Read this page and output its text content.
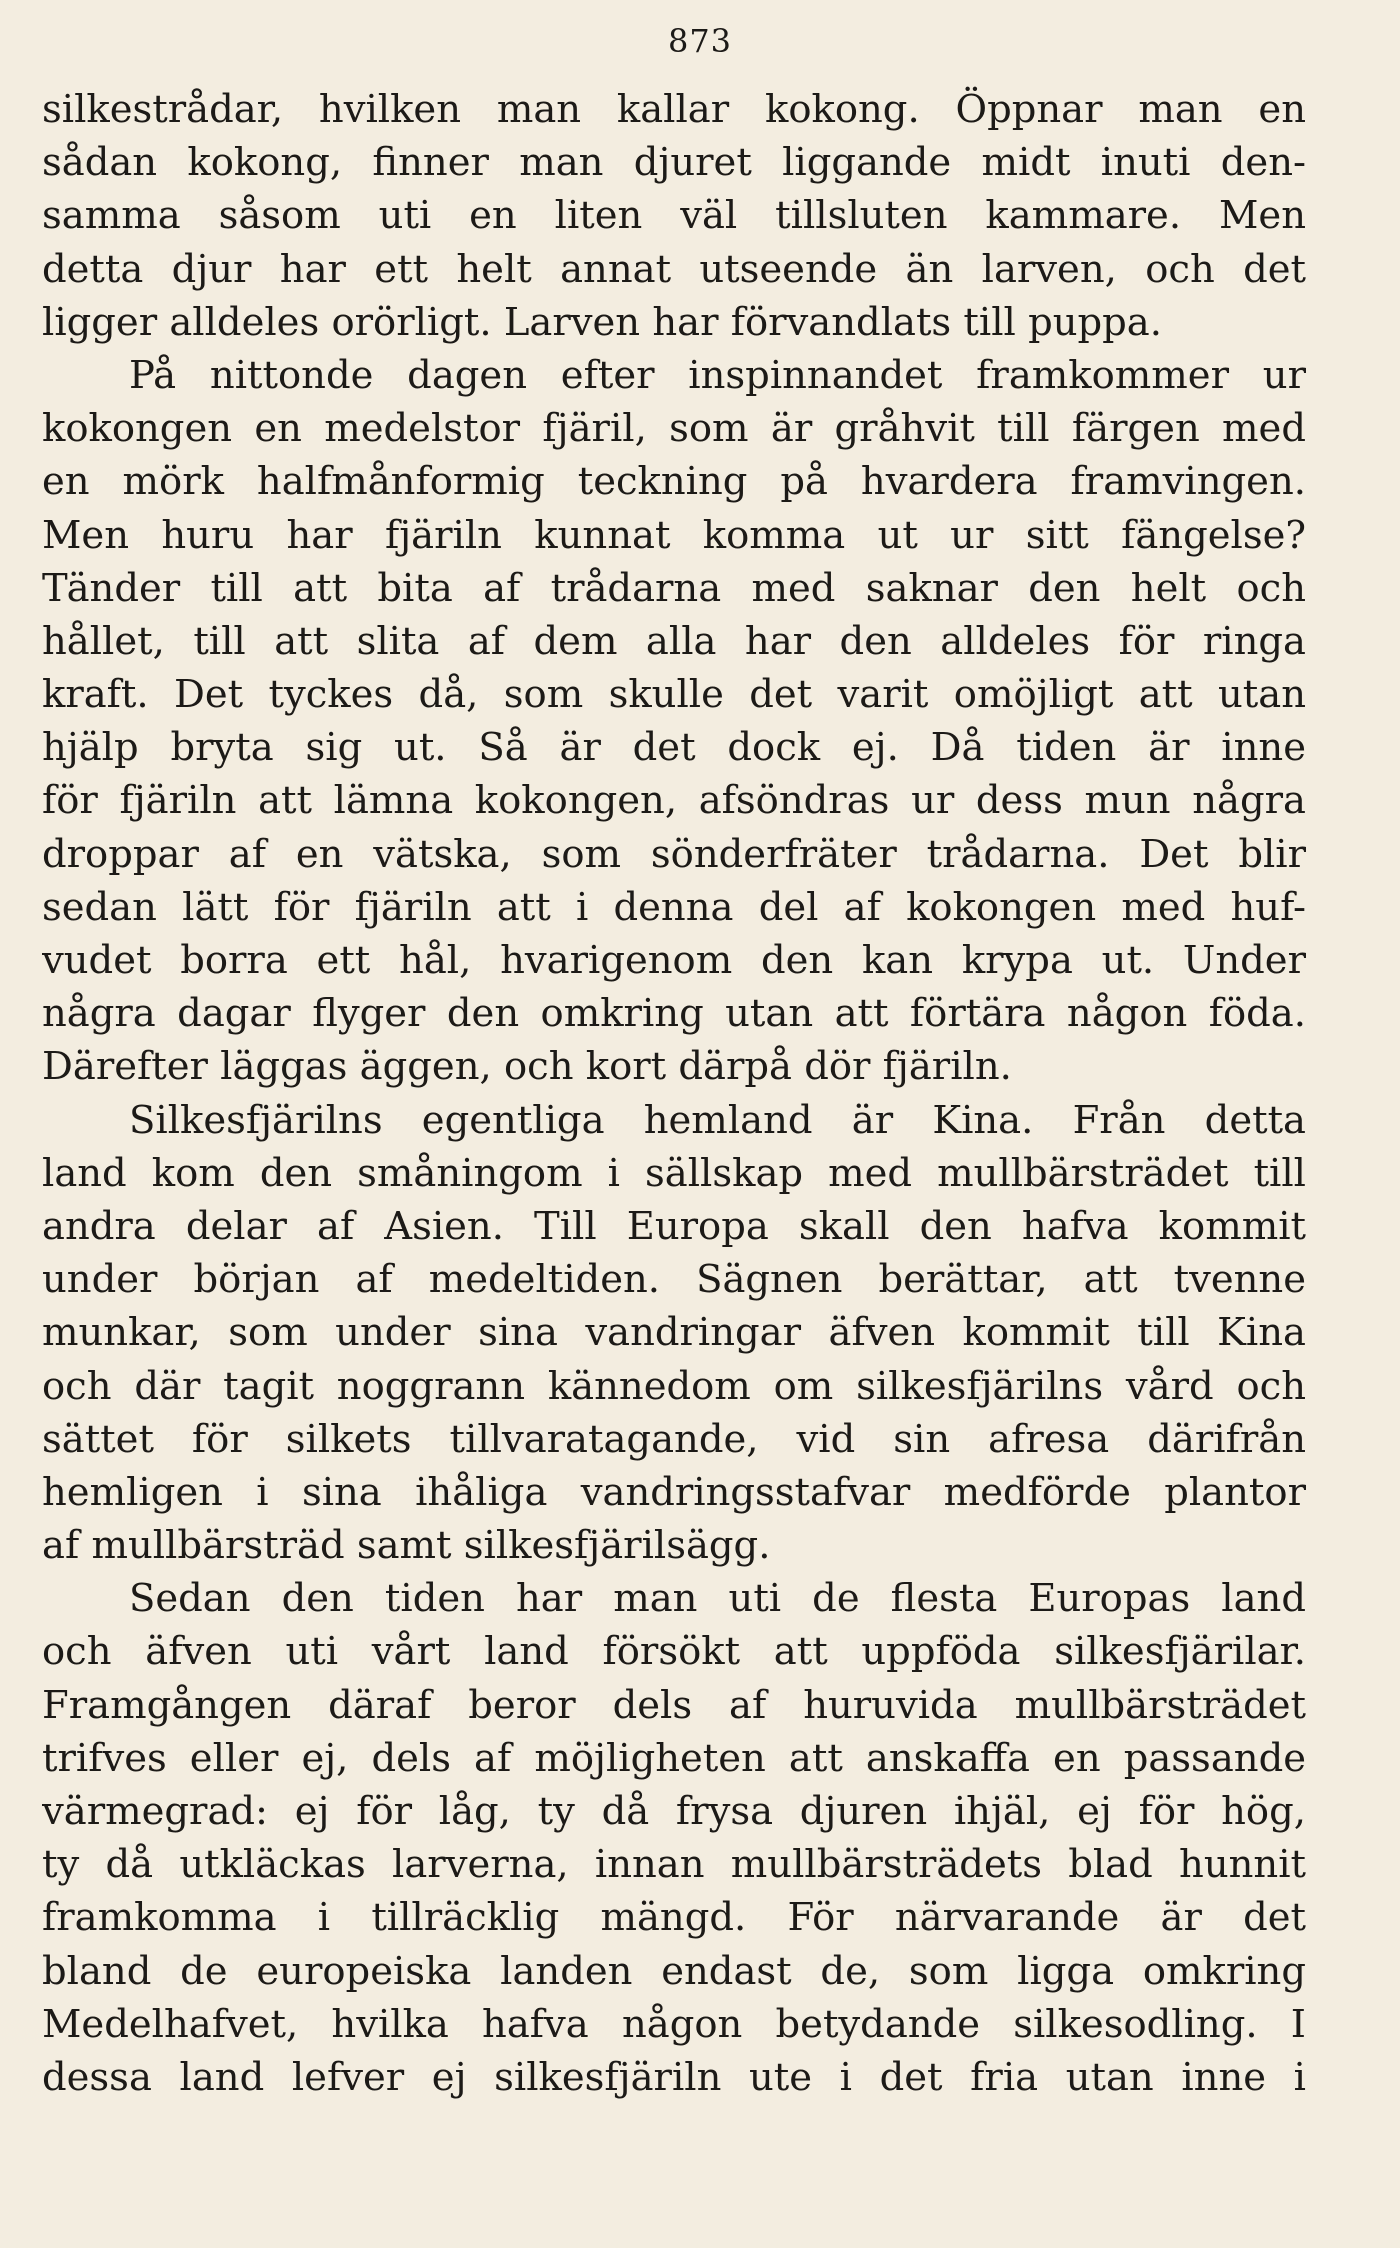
873
silkestrådar, hvilken man kallar kokong. Öppnar man en
sådan kokong, finner man djuret liggande midt inuti den-
samma såsom uti en liten väl tillsluten kammare. Men
detta djur har ett helt annat utseende än larven, och det
ligger alldeles orörligt. Larven har förvandlats till puppa.
På nittonde dagen efter inspinnandet framkommer ur
kokongen en medelstor fjäril, som är gråhvit till färgen med
en mörk halfmånformig teckning på hvardera framvingen.
Men huru har fjäriln kunnat komma ut ur sitt fängelse?
Tänder till att bita af trådarna med saknar den helt och
hållet, till att slita af dem alla har den alldeles för ringa
kraft. Det tyckes då, som skulle det varit omöjligt att utan
hjälp bryta sig ut. Så är det dock ej. Då tiden är inne
för fjäriln att lämna kokongen, afsöndras ur dess mun några
droppar af en vätska, som sönderfräter trådarna. Det blir
sedan lätt för fjäriln att i denna del af kokongen med huf-
vudet borra ett hål, hvarigenom den kan krypa ut. Under
några dagar flyger den omkring utan att förtära någon föda.
Därefter läggas äggen, och kort därpå dör fjäriln.
Silkesfjärilns egentliga hemland är Kina. Från detta
land kom den småningom i sällskap med mullbärsträdet till
andra delar af Asien. Till Europa skall den hafva kommit
under början af medeltiden. Sägnen berättar, att tvenne
munkar, som under sina vandringar äfven kommit till Kina
och där tagit noggrann kännedom om silkesfjärilns vård och
sättet för silkets tillvaratagande, vid sin afresa därifrån
hemligen i sina ihåliga vandringsstafvar medförde plantor
af mullbärsträd samt silkesfjärilsägg.
Sedan den tiden har man uti de flesta Europas land
och äfven uti vårt land försökt att uppföda silkesfjärilar.
Framgången däraf beror dels af huruvida mullbärsträdet
trifves eller ej, dels af möjligheten att anskaffa en passande
värmegrad: ej för låg, ty då frysa djuren ihjäl, ej för hög,
ty då utkläckas larverna, innan mullbärsträdets blad hunnit
framkomma i tillräcklig mängd. För närvarande är det
bland de europeiska landen endast de, som ligga omkring
Medelhafvet, hvilka hafva någon betydande silkesodling. I
dessa land lefver ej silkesfjäriln ute i det fria utan inne i
